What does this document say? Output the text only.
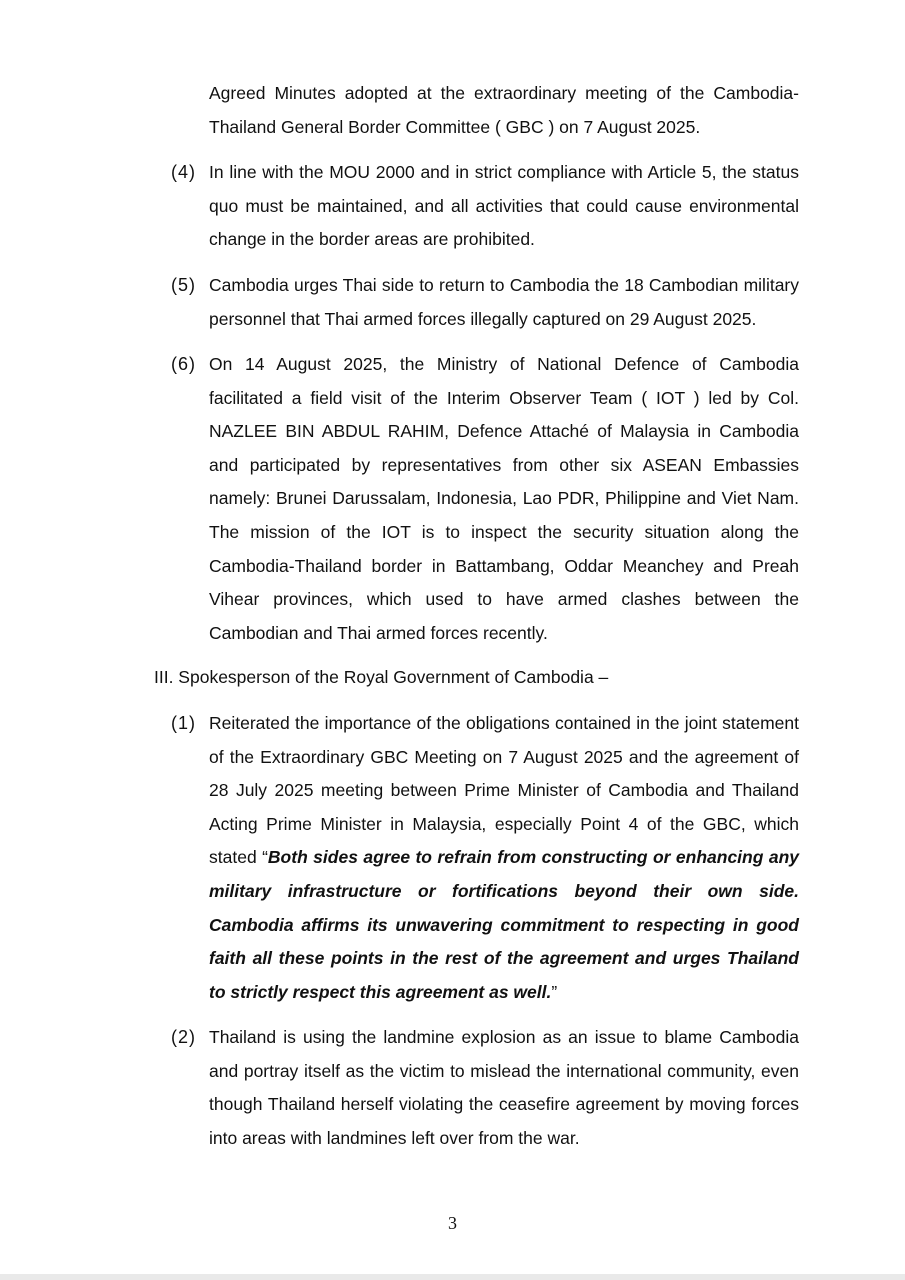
Agreed Minutes adopted at the extraordinary meeting of the Cambodia-Thailand General Border Committee ( GBC ) on 7 August 2025.

(4) In line with the MOU 2000 and in strict compliance with Article 5, the status quo must be maintained, and all activities that could cause environmental change in the border areas are prohibited.

(5) Cambodia urges Thai side to return to Cambodia the 18 Cambodian military personnel that Thai armed forces illegally captured on 29 August 2025.

(6) On 14 August 2025, the Ministry of National Defence of Cambodia facilitated a field visit of the Interim Observer Team ( IOT ) led by Col. NAZLEE BIN ABDUL RAHIM, Defence Attaché of Malaysia in Cambodia and participated by representatives from other six ASEAN Embassies namely: Brunei Darussalam, Indonesia, Lao PDR, Philippine and Viet Nam. The mission of the IOT is to inspect the security situation along the Cambodia-Thailand border in Battambang, Oddar Meanchey and Preah Vihear provinces, which used to have armed clashes between the Cambodian and Thai armed forces recently.

III. Spokesperson of the Royal Government of Cambodia –

(1) Reiterated the importance of the obligations contained in the joint statement of the Extraordinary GBC Meeting on 7 August 2025 and the agreement of 28 July 2025 meeting between Prime Minister of Cambodia and Thailand Acting Prime Minister in Malaysia, especially Point 4 of the GBC, which stated “Both sides agree to refrain from constructing or enhancing any military infrastructure or fortifications beyond their own side. Cambodia affirms its unwavering commitment to respecting in good faith all these points in the rest of the agreement and urges Thailand to strictly respect this agreement as well.”

(2) Thailand is using the landmine explosion as an issue to blame Cambodia and portray itself as the victim to mislead the international community, even though Thailand herself violating the ceasefire agreement by moving forces into areas with landmines left over from the war.

3
